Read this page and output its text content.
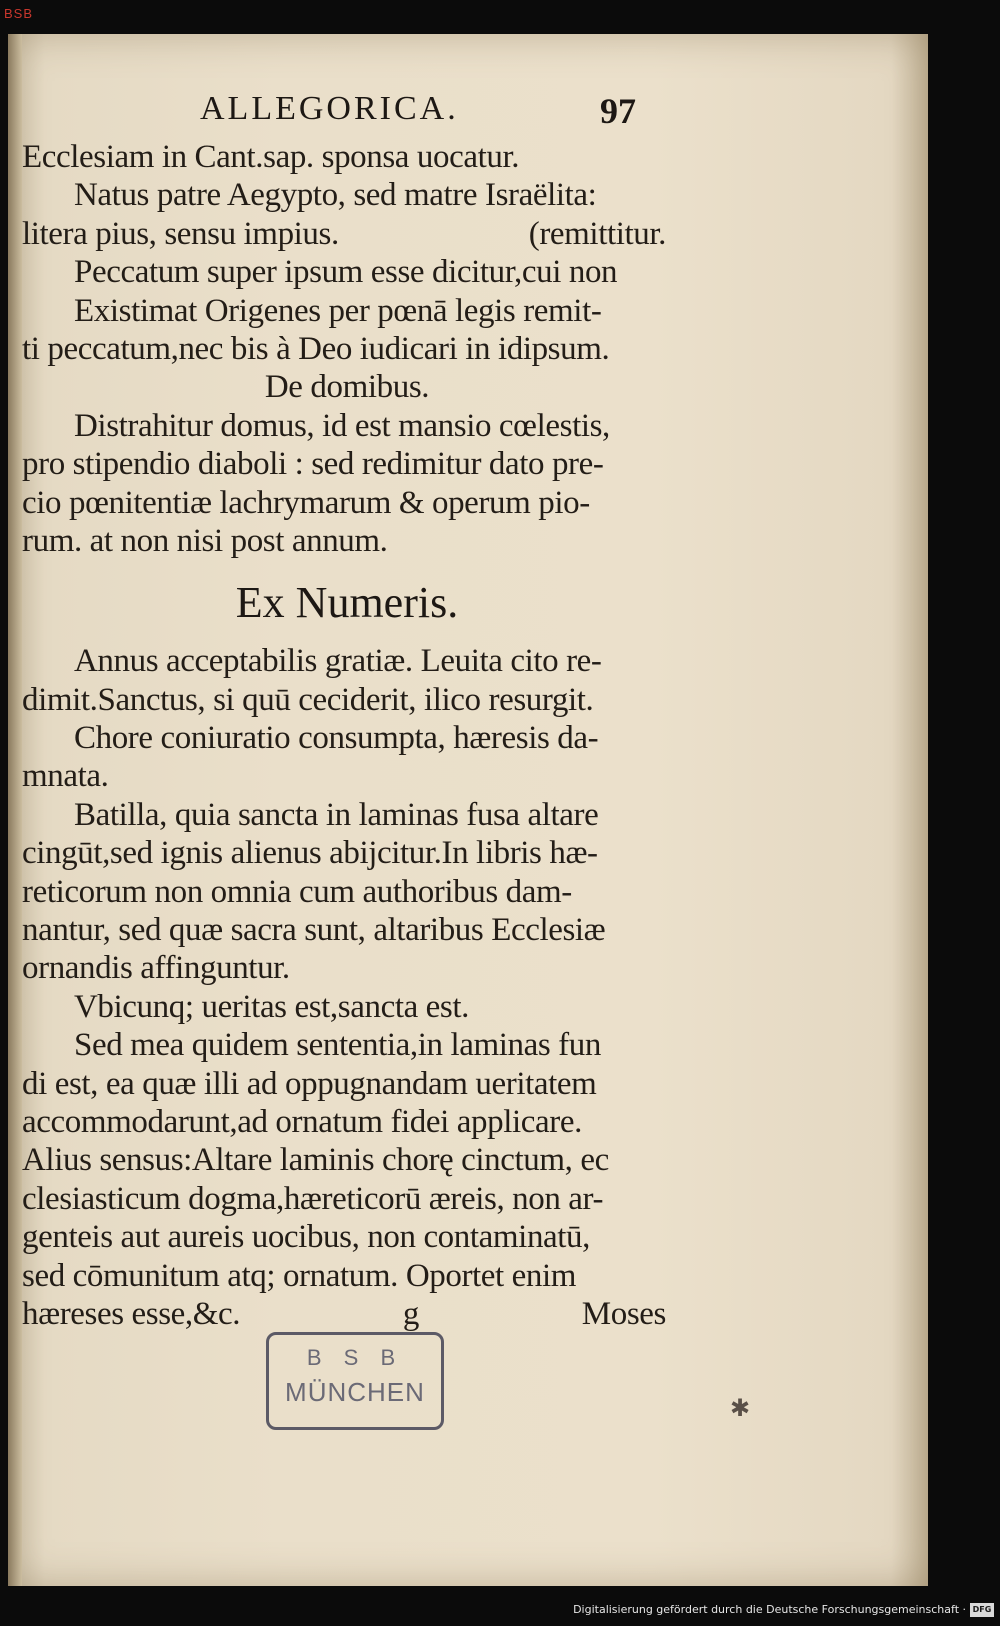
BSB
ALLEGORICA.	97
Ecclesiam in Cant.sap. sponsa uocatur.
Natus patre Aegypto, sed matre Israëlita:
litera pius, sensu impius.	(remittitur.
Peccatum super ipsum esse dicitur,cui non
Existimat Origenes per pœnā legis remit-
ti peccatum,nec bis à Deo iudicari in idipsum.
De domibus.
Distrahitur domus, id est mansio cœlestis,
pro stipendio diaboli : sed redimitur dato pre-
cio pœnitentiæ lachrymarum & operum pio-
rum. at non nisi post annum.
Ex Numeris.
Annus acceptabilis gratiæ. Leuita cito re-
dimit.Sanctus, si quū ceciderit, ilico resurgit.
Chore coniuratio consumpta, hæresis da-
mnata.
Batilla, quia sancta in laminas fusa altare
cingūt,sed ignis alienus abijcitur.In libris hæ-
reticorum non omnia cum authoribus dam-
nantur, sed quæ sacra sunt, altaribus Ecclesiæ
ornandis affinguntur.
Vbicunq; ueritas est,sancta est.
Sed mea quidem sententia,in laminas fun
di est, ea quæ illi ad oppugnandam ueritatem
accommodarunt,ad ornatum fidei applicare.
Alius sensus:Altare laminis chorę cinctum, ec
clesiasticum dogma,hæreticorū æreis, non ar-
genteis aut aureis uocibus, non contaminatū,
sed cōmunitum atq; ornatum. Oportet enim
hæreses esse,&c.	g	Moses
B S B
MÜNCHEN
✱
Digitalisierung gefördert durch die Deutsche Forschungsgemeinschaft · DFG
